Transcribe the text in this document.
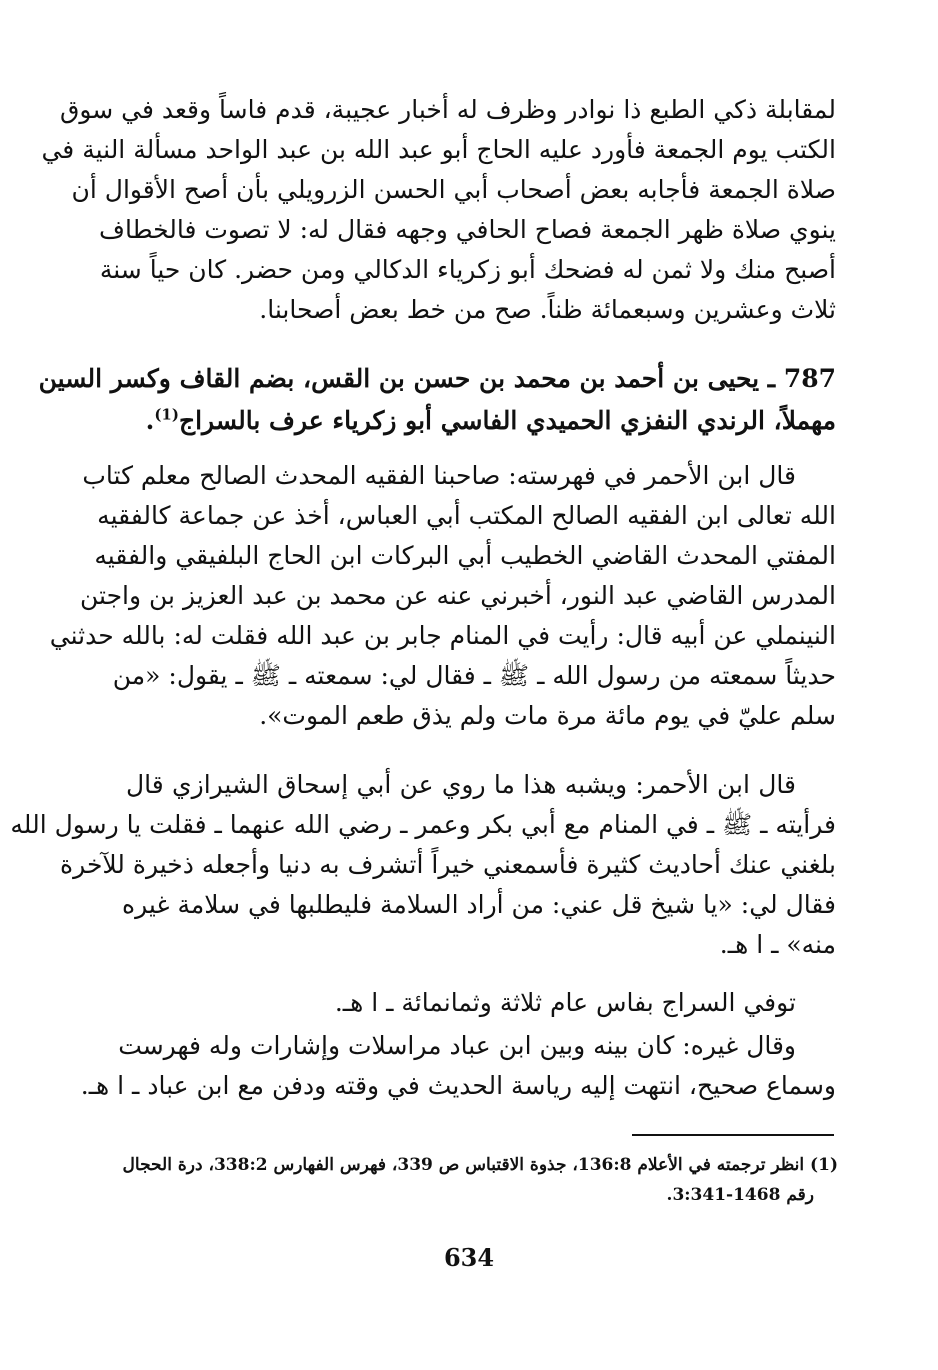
لمقابلة ذكي الطبع ذا نوادر وظرف له أخبار عجيبة، قدم فاساً وقعد في سوق
الكتب يوم الجمعة فأورد عليه الحاج أبو عبد الله بن عبد الواحد مسألة النية في
صلاة الجمعة فأجابه بعض أصحاب أبي الحسن الزرويلي بأن أصح الأقوال أن
ينوي صلاة ظهر الجمعة فصاح الحافي وجهه فقال له: لا تصوت فالخطاف
أصبح منك ولا ثمن له فضحك أبو زكرياء الدكالي ومن حضر. كان حياً سنة
ثلاث وعشرين وسبعمائة ظناً. صح من خط بعض أصحابنا.
787 ـ يحيى بن أحمد بن محمد بن حسن بن القس، بضم القاف وكسر السين
مهملاً، الرندي النفزي الحميدي الفاسي أبو زكرياء عرف بالسراج$^{(1)}$.
قال ابن الأحمر في فهرسته: صاحبنا الفقيه المحدث الصالح معلم كتاب
الله تعالى ابن الفقيه الصالح المكتب أبي العباس، أخذ عن جماعة كالفقيه
المفتي المحدث القاضي الخطيب أبي البركات ابن الحاج البلفيقي والفقيه
المدرس القاضي عبد النور، أخبرني عنه عن محمد بن عبد العزيز بن واجتن
النينملي عن أبيه قال: رأيت في المنام جابر بن عبد الله فقلت له: بالله حدثني
حديثاً سمعته من رسول الله ـ ﷺ ـ فقال لي: سمعته ـ ﷺ ـ يقول: «من
سلم عليّ في يوم مائة مرة مات ولم يذق طعم الموت».
قال ابن الأحمر: ويشبه هذا ما روي عن أبي إسحاق الشيرازي قال
فرأيته ـ ﷺ ـ في المنام مع أبي بكر وعمر ـ رضي الله عنهما ـ فقلت يا رسول الله
بلغني عنك أحاديث كثيرة فأسمعني خيراً أتشرف به دنيا وأجعله ذخيرة للآخرة
فقال لي: «يا شيخ قل عني: من أراد السلامة فليطلبها في سلامة غيره
منه» ـ ا هـ.
توفي السراج بفاس عام ثلاثة وثمانمائة ـ ا هـ.
وقال غيره: كان بينه وبين ابن عباد مراسلات وإشارات وله فهرست
وسماع صحيح، انتهت إليه رياسة الحديث في وقته ودفن مع ابن عباد ـ ا هـ.
(1) انظر ترجمته في الأعلام 136:8، جذوة الاقتباس ص 339، فهرس الفهارس 338:2، درة الحجال
رقم 1468-3:341.
634
